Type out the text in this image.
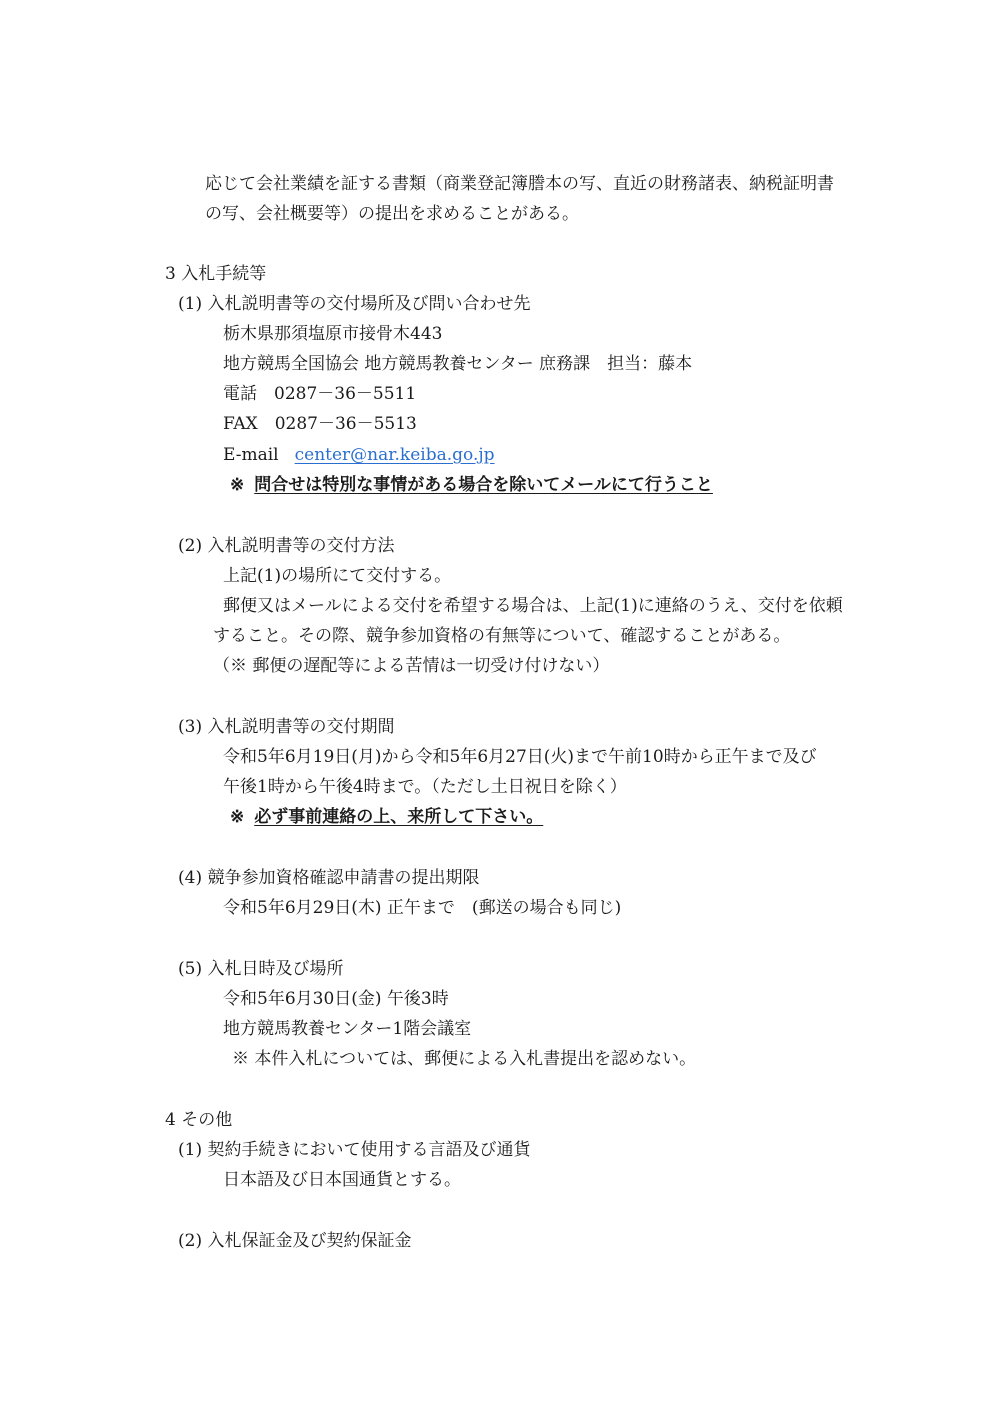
応じて会社業績を証する書類（商業登記簿謄本の写、直近の財務諸表、納税証明書
の写、会社概要等）の提出を求めることがある。
3 入札手続等
(1) 入札説明書等の交付場所及び問い合わせ先
栃木県那須塩原市接骨木443
地方競馬全国協会 地方競馬教養センター 庶務課　担当：藤本
電話　0287－36－5511
FAX　0287－36－5513
E-mail center@nar.keiba.go.jp
※ 問合せは特別な事情がある場合を除いてメールにて行うこと
(2) 入札説明書等の交付方法
上記(1)の場所にて交付する。
郵便又はメールによる交付を希望する場合は、上記(1)に連絡のうえ、交付を依頼
すること。その際、競争参加資格の有無等について、確認することがある。
（※ 郵便の遅配等による苦情は一切受け付けない）
(3) 入札説明書等の交付期間
令和5年6月19日(月)から令和5年6月27日(火)まで午前10時から正午まで及び
午後1時から午後4時まで。（ただし土日祝日を除く）
※ 必ず事前連絡の上、来所して下さい。
(4) 競争参加資格確認申請書の提出期限
令和5年6月29日(木) 正午まで　(郵送の場合も同じ)
(5) 入札日時及び場所
令和5年6月30日(金) 午後3時
地方競馬教養センター1階会議室
※ 本件入札については、郵便による入札書提出を認めない。
4 その他
(1) 契約手続きにおいて使用する言語及び通貨
日本語及び日本国通貨とする。
(2) 入札保証金及び契約保証金
